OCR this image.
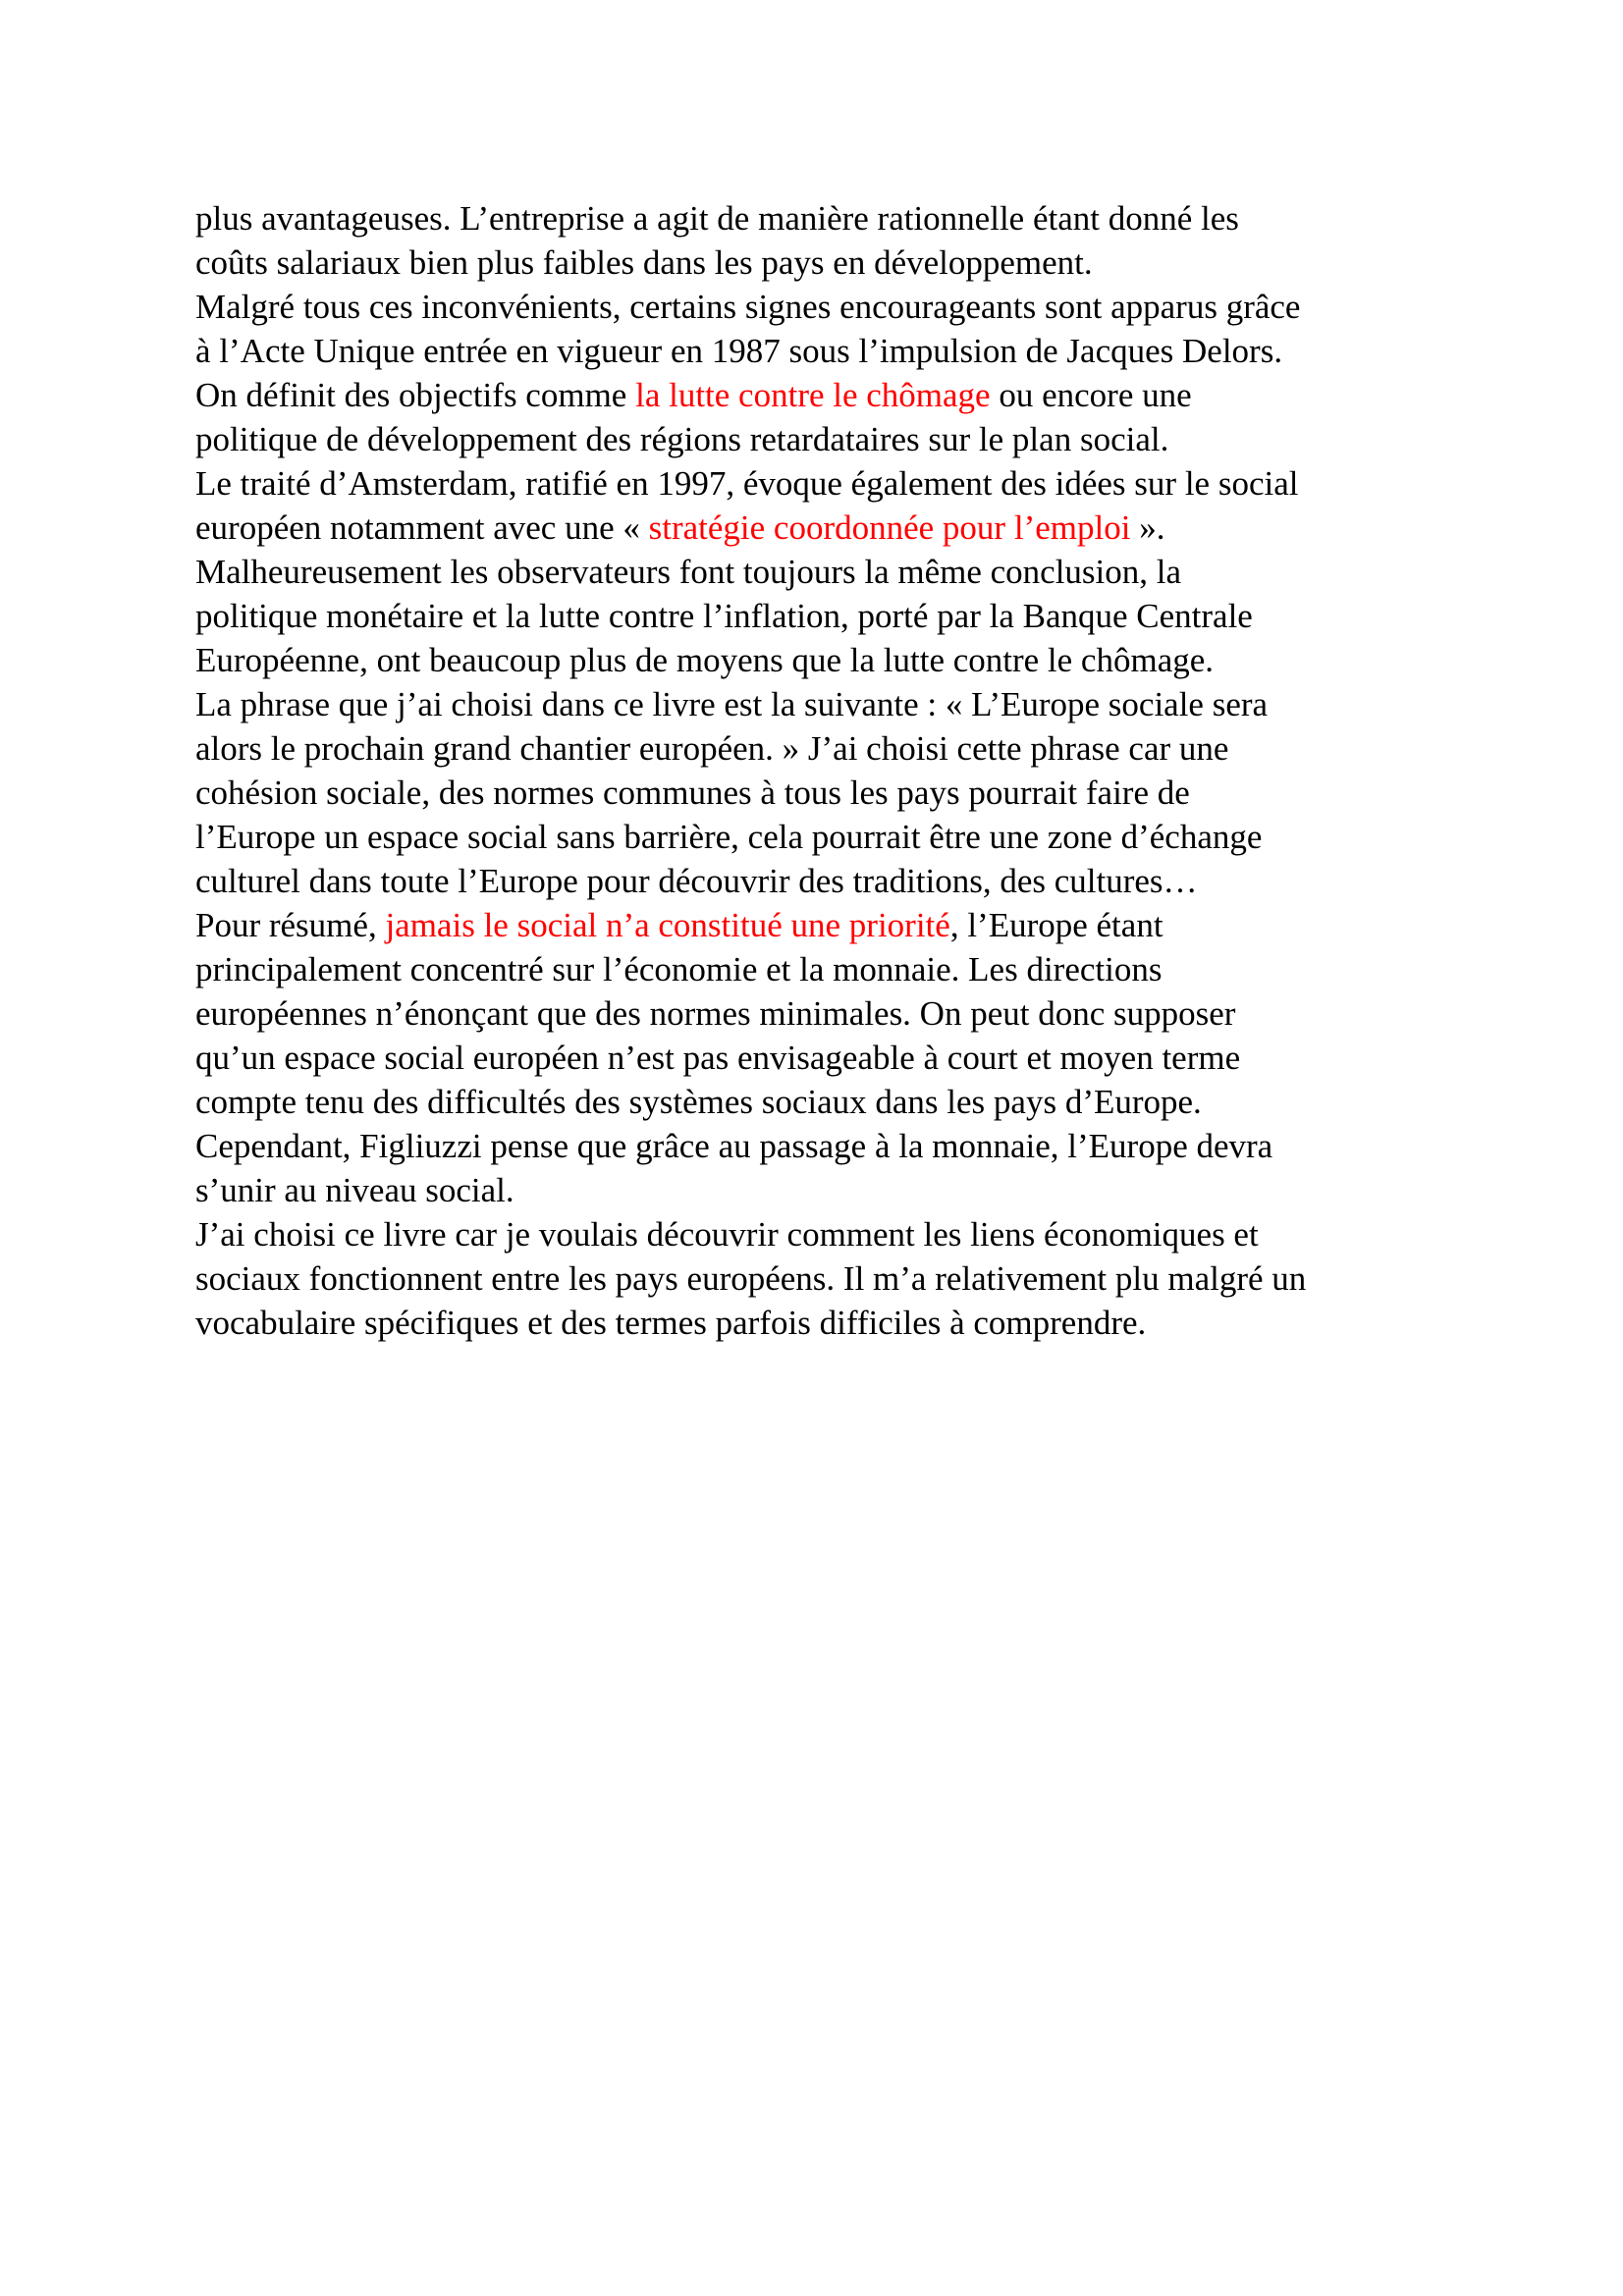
plus avantageuses. L’entreprise a agit de manière rationnelle étant donné les
coûts salariaux bien plus faibles dans les pays en développement.
Malgré tous ces inconvénients, certains signes encourageants sont apparus grâce
à l’Acte Unique entrée en vigueur en 1987 sous l’impulsion de Jacques Delors.
On définit des objectifs comme la lutte contre le chômage ou encore une
politique de développement des régions retardataires sur le plan social.
Le traité d’Amsterdam, ratifié en 1997, évoque également des idées sur le social
européen notamment avec une « stratégie coordonnée pour l’emploi ».
Malheureusement les observateurs font toujours la même conclusion, la
politique monétaire et la lutte contre l’inflation, porté par la Banque Centrale
Européenne, ont beaucoup plus de moyens que la lutte contre le chômage.
La phrase que j’ai choisi dans ce livre est la suivante : « L’Europe sociale sera
alors le prochain grand chantier européen. » J’ai choisi cette phrase car une
cohésion sociale, des normes communes à tous les pays pourrait faire de
l’Europe un espace social sans barrière, cela pourrait être une zone d’échange
culturel dans toute l’Europe pour découvrir des traditions, des cultures…
Pour résumé, jamais le social n’a constitué une priorité, l’Europe étant
principalement concentré sur l’économie et la monnaie. Les directions
européennes n’énonçant que des normes minimales. On peut donc supposer
qu’un espace social européen n’est pas envisageable à court et moyen terme
compte tenu des difficultés des systèmes sociaux dans les pays d’Europe.
Cependant, Figliuzzi pense que grâce au passage à la monnaie, l’Europe devra
s’unir au niveau social.
J’ai choisi ce livre car je voulais découvrir comment les liens économiques et
sociaux fonctionnent entre les pays européens. Il m’a relativement plu malgré un
vocabulaire spécifiques et des termes parfois difficiles à comprendre.
